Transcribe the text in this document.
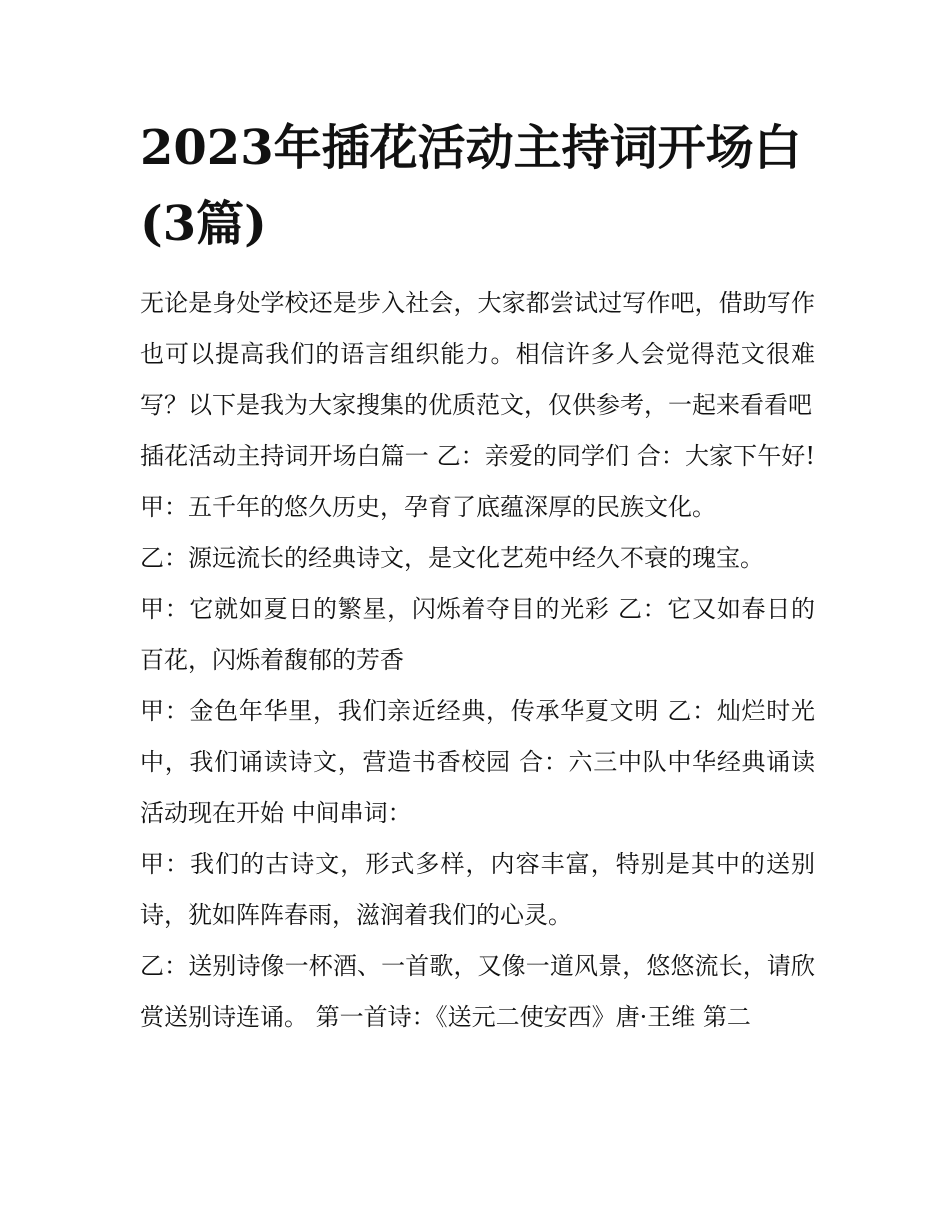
2023年插花活动主持词开场白(3篇)

无论是身处学校还是步入社会，大家都尝试过写作吧，借助写作也可以提高我们的语言组织能力。相信许多人会觉得范文很难写？以下是我为大家搜集的优质范文，仅供参考，一起来看看吧

插花活动主持词开场白篇一 乙：亲爱的同学们 合：大家下午好! 甲：五千年的悠久历史，孕育了底蕴深厚的民族文化。

乙：源远流长的经典诗文，是文化艺苑中经久不衰的瑰宝。

甲：它就如夏日的繁星，闪烁着夺目的光彩 乙：它又如春日的百花，闪烁着馥郁的芳香

甲：金色年华里，我们亲近经典，传承华夏文明 乙：灿烂时光中，我们诵读诗文，营造书香校园 合：六三中队中华经典诵读活动现在开始 中间串词：

甲：我们的古诗文，形式多样，内容丰富，特别是其中的送别诗，犹如阵阵春雨，滋润着我们的心灵。

乙：送别诗像一杯酒、一首歌，又像一道风景，悠悠流长，请欣赏送别诗连诵。 第一首诗：《送元二使安西》唐·王维 第二
